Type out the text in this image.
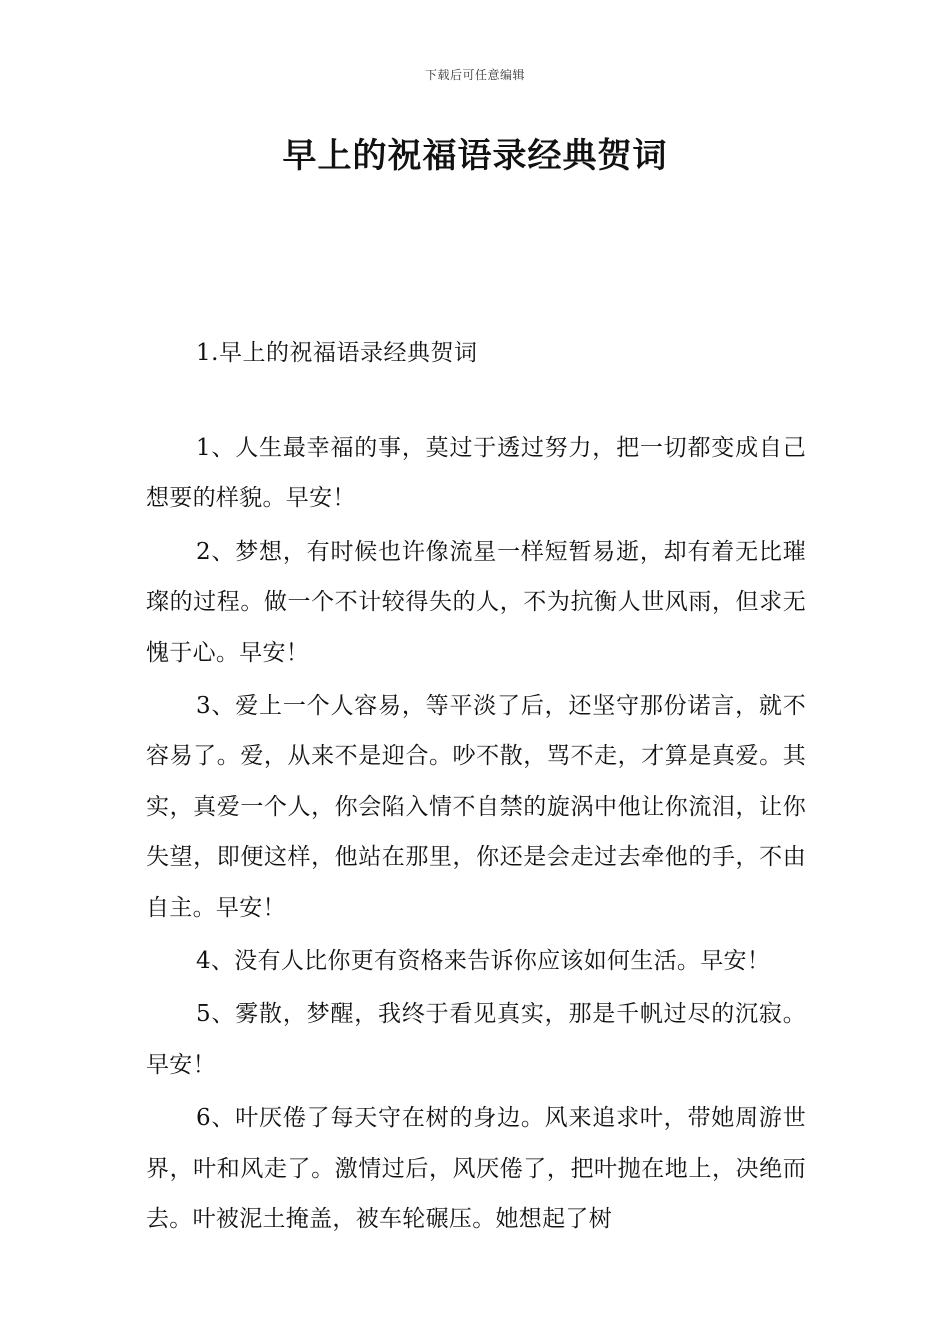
下载后可任意编辑
早上的祝福语录经典贺词
1.早上的祝福语录经典贺词

1、人生最幸福的事，莫过于透过努力，把一切都变成自己想要的样貌。早安！

2、梦想，有时候也许像流星一样短暂易逝，却有着无比璀璨的过程。做一个不计较得失的人，不为抗衡人世风雨，但求无愧于心。早安！

3、爱上一个人容易，等平淡了后，还坚守那份诺言，就不容易了。爱，从来不是迎合。吵不散，骂不走，才算是真爱。其实，真爱一个人，你会陷入情不自禁的旋涡中他让你流泪，让你失望，即便这样，他站在那里，你还是会走过去牵他的手，不由自主。早安！

4、没有人比你更有资格来告诉你应该如何生活。早安！

5、雾散，梦醒，我终于看见真实，那是千帆过尽的沉寂。早安！

6、叶厌倦了每天守在树的身边。风来追求叶，带她周游世界，叶和风走了。激情过后，风厌倦了，把叶抛在地上，决绝而去。叶被泥土掩盖，被车轮碾压。她想起了树
